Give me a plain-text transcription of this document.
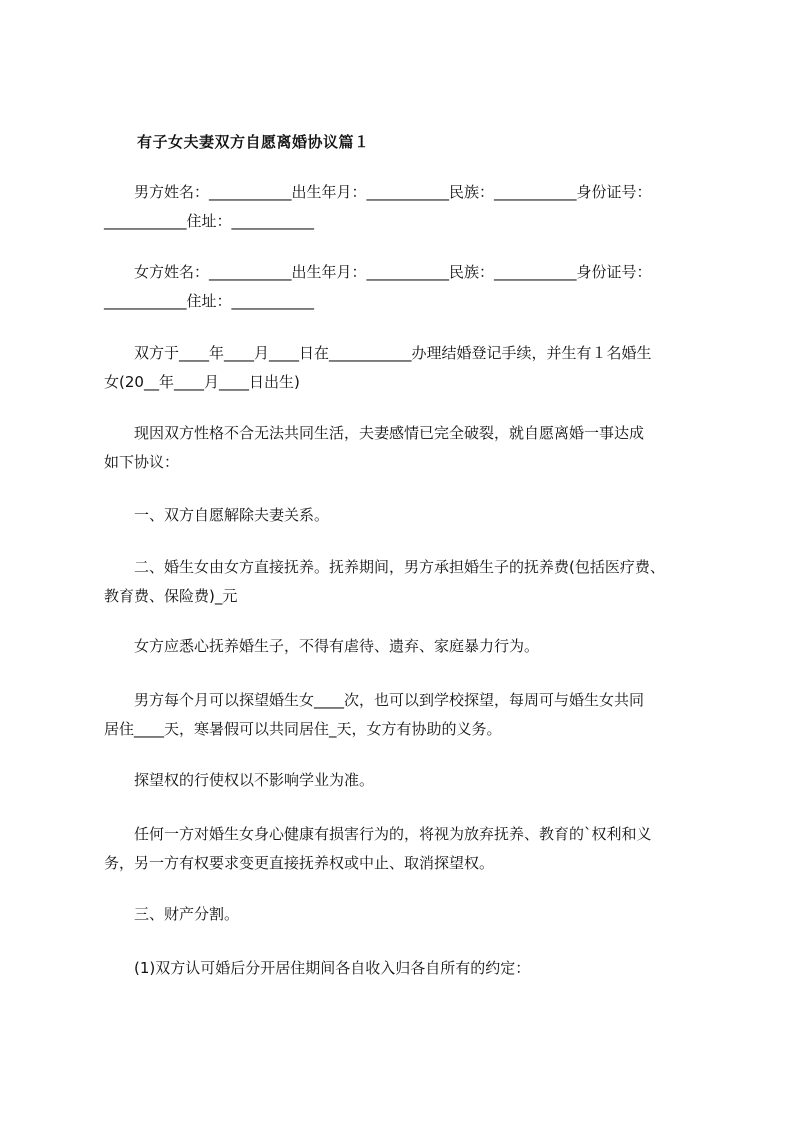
有子女夫妻双方自愿离婚协议篇１
　　男方姓名：___________出生年月：___________民族：___________身份证号：
___________住址：___________
　　女方姓名：___________出生年月：___________民族：___________身份证号：
___________住址：___________
　　双方于____年____月____日在___________办理结婚登记手续，并生有１名婚生
女(20__年____月____日出生)
　　现因双方性格不合无法共同生活，夫妻感情已完全破裂，就自愿离婚一事达成
如下协议：
　　一、双方自愿解除夫妻关系。
　　二、婚生女由女方直接抚养。抚养期间，男方承担婚生子的抚养费(包括医疗费、
教育费、保险费)_元
　　女方应悉心抚养婚生子，不得有虐待、遗弃、家庭暴力行为。
　　男方每个月可以探望婚生女____次，也可以到学校探望，每周可与婚生女共同
居住____天，寒暑假可以共同居住_天，女方有协助的义务。
　　探望权的行使权以不影响学业为准。
　　任何一方对婚生女身心健康有损害行为的，将视为放弃抚养、教育的`权利和义
务，另一方有权要求变更直接抚养权或中止、取消探望权。
　　三、财产分割。
　　(1)双方认可婚后分开居住期间各自收入归各自所有的约定：
